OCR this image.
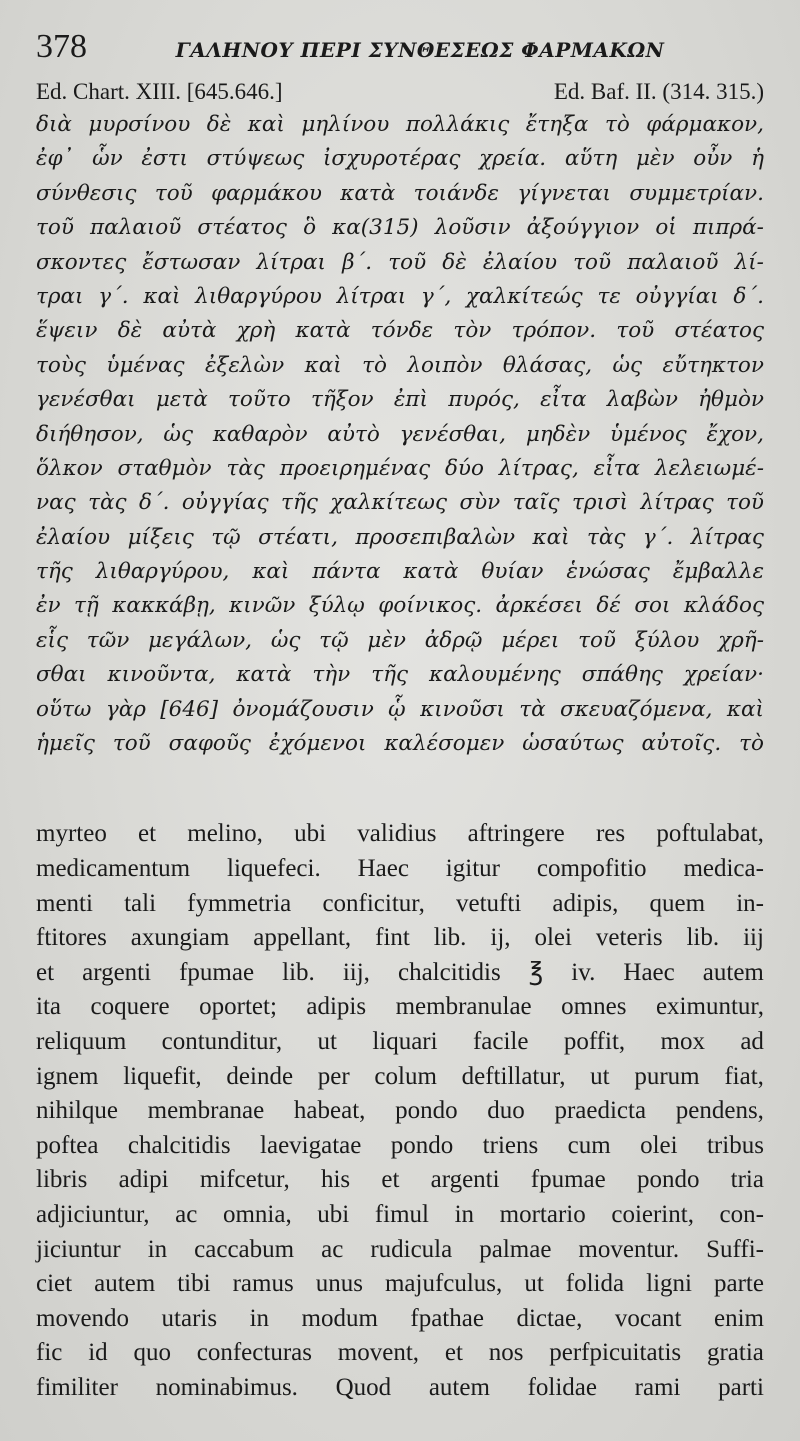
378	ΓΑΛΗΝΟΥ ΠΕΡΙ ΣΥΝΘΕΣΕΩΣ ΦΑΡΜΑΚΩΝ
Ed. Chart. XIII. [645.646.]	Ed. Baf. II. (314. 315.)
διὰ μυρσίνου δὲ καὶ μηλίνου πολλάκις ἔτηξα τὸ φάρμακον,
ἐφ᾽ ὧν ἐστι στύψεως ἰσχυροτέρας χρεία. αὕτη μὲν οὖν ἡ
σύνθεσις τοῦ φαρμάκου κατὰ τοιάνδε γίγνεται συμμετρίαν.
τοῦ παλαιοῦ στέατος ὃ κα(315) λοῦσιν ἀξούγγιον οἱ πιπρά-
σκοντες ἔστωσαν λίτραι β΄. τοῦ δὲ ἐλαίου τοῦ παλαιοῦ λί-
τραι γ΄. καὶ λιθαργύρου λίτραι γ΄, χαλκίτεώς τε οὐγγίαι δ΄.
ἕψειν δὲ αὐτὰ χρὴ κατὰ τόνδε τὸν τρόπον. τοῦ στέατος
τοὺς ὑμένας ἐξελὼν καὶ τὸ λοιπὸν θλάσας, ὡς εὔτηκτον
γενέσθαι μετὰ τοῦτο τῆξον ἐπὶ πυρός, εἶτα λαβὼν ἠθμὸν
διήθησον, ὡς καθαρὸν αὐτὸ γενέσθαι, μηδὲν ὑμένος ἔχον,
ὅλκον σταθμὸν τὰς προειρημένας δύο λίτρας, εἶτα λελειωμέ-
νας τὰς δ΄. οὐγγίας τῆς χαλκίτεως σὺν ταῖς τρισὶ λίτρας τοῦ
ἐλαίου μίξεις τῷ στέατι, προσεπιβαλὼν καὶ τὰς γ΄. λίτρας
τῆς λιθαργύρου, καὶ πάντα κατὰ θυίαν ἑνώσας ἔμβαλλε
ἐν τῇ κακκάβῃ, κινῶν ξύλῳ φοίνικος. ἀρκέσει δέ σοι κλάδος
εἷς τῶν μεγάλων, ὡς τῷ μὲν ἀδρῷ μέρει τοῦ ξύλου χρῆ-
σθαι κινοῦντα, κατὰ τὴν τῆς καλουμένης σπάθης χρείαν·
οὕτω γὰρ [646] ὀνομάζουσιν ᾧ κινοῦσι τὰ σκευαζόμενα, καὶ
ἡμεῖς τοῦ σαφοῦς ἐχόμενοι καλέσομεν ὡσαύτως αὐτοῖς. τὸ
myrteo et melino, ubi validius aftringere res poftulabat,
medicamentum liquefeci. Haec igitur compofitio medica-
menti tali fymmetria conficitur, vetufti adipis, quem in-
ftitores axungiam appellant, fint lib. ij, olei veteris lib. iij
et argenti fpumae lib. iij, chalcitidis ℥ iv. Haec autem
ita coquere oportet; adipis membranulae omnes eximuntur,
reliquum contunditur, ut liquari facile poffit, mox ad
ignem liquefit, deinde per colum deftillatur, ut purum fiat,
nihilque membranae habeat, pondo duo praedicta pendens,
poftea chalcitidis laevigatae pondo triens cum olei tribus
libris adipi mifcetur, his et argenti fpumae pondo tria
adjiciuntur, ac omnia, ubi fimul in mortario coierint, con-
jiciuntur in caccabum ac rudicula palmae moventur. Suffi-
ciet autem tibi ramus unus majufculus, ut folida ligni parte
movendo utaris in modum fpathae dictae, vocant enim
fic id quo confecturas movent, et nos perfpicuitatis gratia
fimiliter nominabimus. Quod autem folidae rami parti
